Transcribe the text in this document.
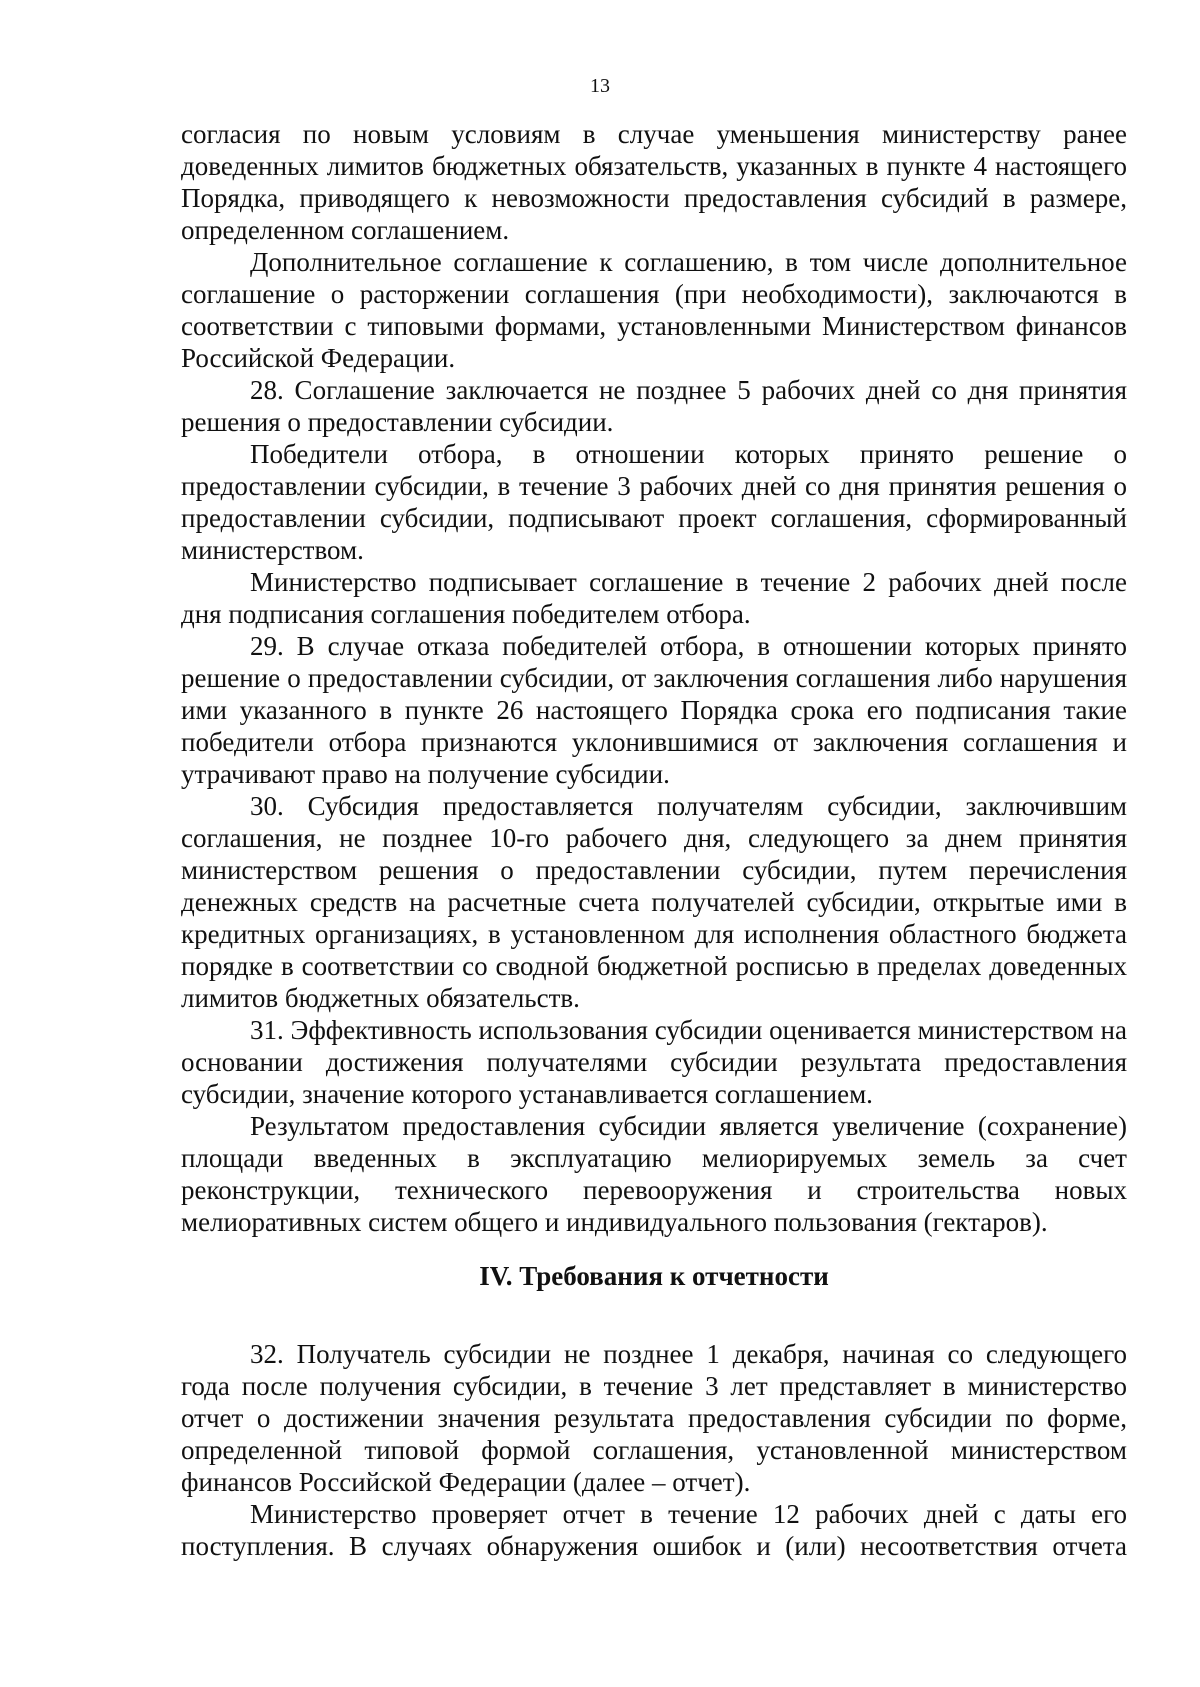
13

согласия по новым условиям в случае уменьшения министерству ранее доведенных лимитов бюджетных обязательств, указанных в пункте 4 настоящего Порядка, приводящего к невозможности предоставления субсидий в размере, определенном соглашением.

Дополнительное соглашение к соглашению, в том числе дополнительное соглашение о расторжении соглашения (при необходимости), заключаются в соответствии с типовыми формами, установленными Министерством финансов Российской Федерации.

28. Соглашение заключается не позднее 5 рабочих дней со дня принятия решения о предоставлении субсидии.

Победители отбора, в отношении которых принято решение о предоставлении субсидии, в течение 3 рабочих дней со дня принятия решения о предоставлении субсидии, подписывают проект соглашения, сформированный министерством.

Министерство подписывает соглашение в течение 2 рабочих дней после дня подписания соглашения победителем отбора.

29. В случае отказа победителей отбора, в отношении которых принято решение о предоставлении субсидии, от заключения соглашения либо нарушения ими указанного в пункте 26 настоящего Порядка срока его подписания такие победители отбора признаются уклонившимися от заключения соглашения и утрачивают право на получение субсидии.

30. Субсидия предоставляется получателям субсидии, заключившим соглашения, не позднее 10-го рабочего дня, следующего за днем принятия министерством решения о предоставлении субсидии, путем перечисления денежных средств на расчетные счета получателей субсидии, открытые ими в кредитных организациях, в установленном для исполнения областного бюджета порядке в соответствии со сводной бюджетной росписью в пределах доведенных лимитов бюджетных обязательств.

31. Эффективность использования субсидии оценивается министерством на основании достижения получателями субсидии результата предоставления субсидии, значение которого устанавливается соглашением.

Результатом предоставления субсидии является увеличение (сохранение) площади введенных в эксплуатацию мелиорируемых земель за счет реконструкции, технического перевооружения и строительства новых мелиоративных систем общего и индивидуального пользования (гектаров).

IV. Требования к отчетности

32. Получатель субсидии не позднее 1 декабря, начиная со следующего года после получения субсидии, в течение 3 лет представляет в министерство отчет о достижении значения результата предоставления субсидии по форме, определенной типовой формой соглашения, установленной министерством финансов Российской Федерации (далее – отчет).

Министерство проверяет отчет в течение 12 рабочих дней с даты его поступления. В случаях обнаружения ошибок и (или) несоответствия отчета
